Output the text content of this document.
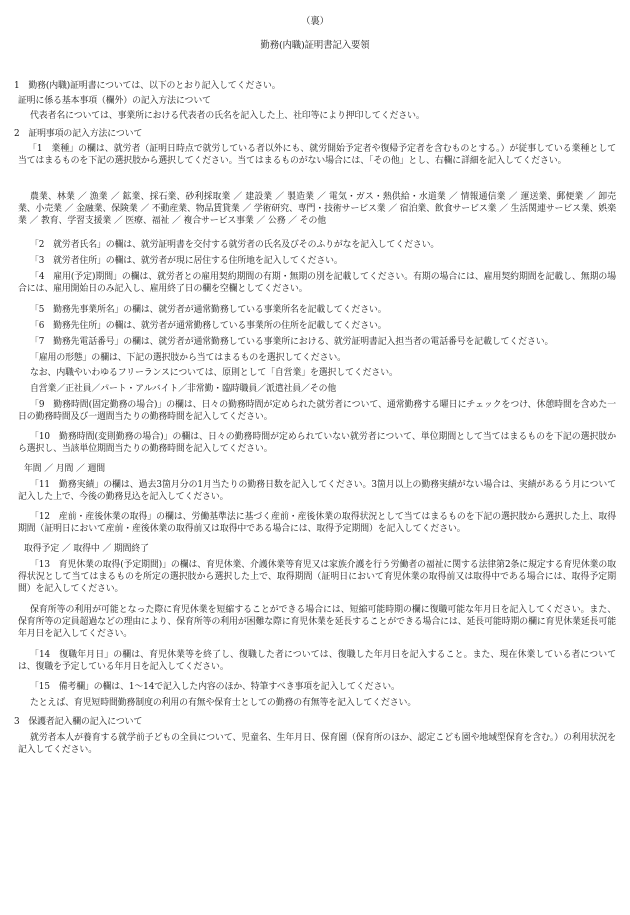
（裏）
勤務(内職)証明書記入要領
1　勤務(内職)証明書については、以下のとおり記入してください。
証明に係る基本事項（欄外）の記入方法について
代表者名については、事業所における代表者の氏名を記入した上、社印等により押印してください。
2　証明事項の記入方法について
「1　業種」の欄は、就労者（証明日時点で就労している者以外にも、就労開始予定者や復帰予定者を含むものとする。）が従事している業種として当てはまるものを下記の選択肢から選択してください。当てはまるものがない場合には、「その他」とし、右欄に詳細を記入してください。
農業、林業 ／ 漁業 ／ 鉱業、採石業、砂利採取業 ／ 建設業 ／ 製造業 ／ 電気・ガス・熱供給・水道業 ／ 情報通信業 ／ 運送業、郵便業 ／ 卸売業、小売業 ／ 金融業、保険業 ／ 不動産業、物品賃貸業 ／ 学術研究、専門・技術サービス業 ／ 宿泊業、飲食サービス業 ／ 生活関連サービス業、娯楽業 ／ 教育、学習支援業 ／ 医療、福祉 ／ 複合サービス事業 ／ 公務 ／ その他
「2　就労者氏名」の欄は、就労証明書を交付する就労者の氏名及びそのふりがなを記入してください。
「3　就労者住所」の欄は、就労者が現に居住する住所地を記入してください。
「4　雇用(予定)期間」の欄は、就労者との雇用契約期間の有期・無期の別を記載してください。有期の場合には、雇用契約期間を記載し、無期の場合には、雇用開始日のみ記入し、雇用終了日の欄を空欄としてください。
「5　勤務先事業所名」の欄は、就労者が通常勤務している事業所名を記載してください。
「6　勤務先住所」の欄は、就労者が通常勤務している事業所の住所を記載してください。
「7　勤務先電話番号」の欄は、就労者が通常勤務している事業所における、就労証明書記入担当者の電話番号を記載してください。
「雇用の形態」の欄は、下記の選択肢から当てはまるものを選択してください。
なお、内職やいわゆるフリーランスについては、原則として「自営業」を選択してください。
自営業／正社員／パート・アルバイト／非常勤・臨時職員／派遣社員／その他
「9　勤務時間(固定勤務の場合)」の欄は、日々の勤務時間が定められた就労者について、通常勤務する曜日にチェックをつけ、休憩時間を含めた一日の勤務時間及び一週間当たりの勤務時間を記入してください。
「10　勤務時間(変則勤務の場合)」の欄は、日々の勤務時間が定められていない就労者について、単位期間として当てはまるものを下記の選択肢から選択し、当該単位期間当たりの勤務時間を記入してください。
年間 ／ 月間 ／ 週間
「11　勤務実績」の欄は、過去3箇月分の1月当たりの勤務日数を記入してください。3箇月以上の勤務実績がない場合は、実績があるう月について記入した上で、今後の勤務見込を記入してください。
「12　産前・産後休業の取得」の欄は、労働基準法に基づく産前・産後休業の取得状況として当てはまるものを下記の選択肢から選択した上、取得期間（証明日において産前・産後休業の取得前又は取得中である場合には、取得予定期間）を記入してください。
取得予定 ／ 取得中 ／ 期間終了
「13　育児休業の取得(予定期間)」の欄は、育児休業、介護休業等育児又は家族介護を行う労働者の福祉に関する法律第2条に規定する育児休業の取得状況として当てはまるものを所定の選択肢から選択した上で、取得期間（証明日において育児休業の取得前又は取得中である場合には、取得予定期間）を記入してください。
保育所等の利用が可能となった際に育児休業を短縮することができる場合には、短縮可能時期の欄に復職可能な年月日を記入してください。また、保育所等の定員超過などの理由により、保育所等の利用が困難な際に育児休業を延長することができる場合には、延長可能時期の欄に育児休業延長可能年月日を記入してください。
「14　復職年月日」の欄は、育児休業等を終了し、復職した者については、復職した年月日を記入すること。また、現在休業している者については、復職を予定している年月日を記入してください。
「15　備考欄」の欄は、1〜14で記入した内容のほか、特筆すべき事項を記入してください。
たとえば、育児短時間勤務制度の利用の有無や保育士としての勤務の有無等を記入してください。
3　保護者記入欄の記入について
就労者本人が養育する就学前子どもの全員について、児童名、生年月日、保育園（保育所のほか、認定こども園や地域型保育を含む。）の利用状況を記入してください。
